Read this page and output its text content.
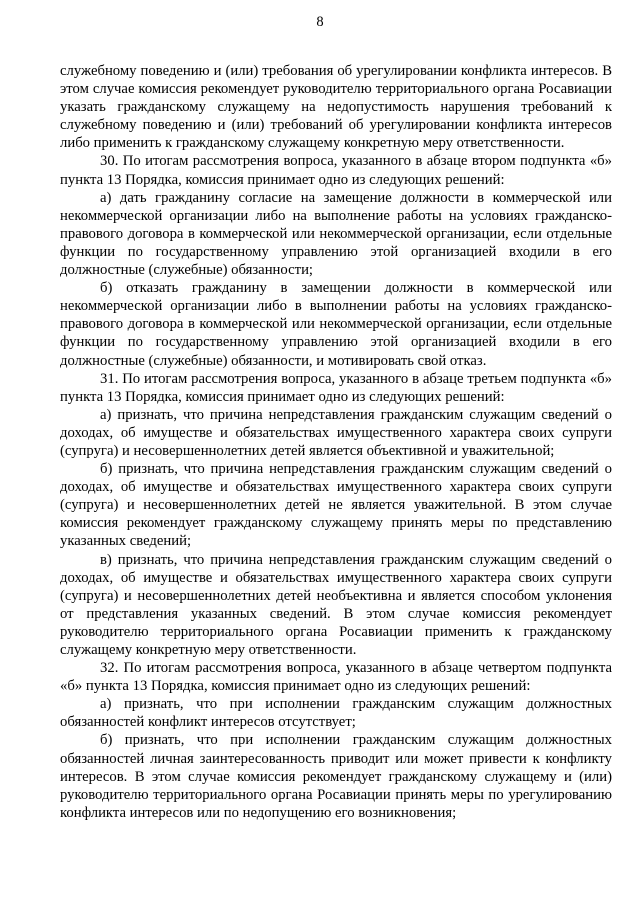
8

служебному поведению и (или) требования об урегулировании конфликта интересов. В этом случае комиссия рекомендует руководителю территориального органа Росавиации указать гражданскому служащему на недопустимость нарушения требований к служебному поведению и (или) требований об урегулировании конфликта интересов либо применить к гражданскому служащему конкретную меру ответственности.

30. По итогам рассмотрения вопроса, указанного в абзаце втором подпункта «б» пункта 13 Порядка, комиссия принимает одно из следующих решений:

а) дать гражданину согласие на замещение должности в коммерческой или некоммерческой организации либо на выполнение работы на условиях гражданско-правового договора в коммерческой или некоммерческой организации, если отдельные функции по государственному управлению этой организацией входили в его должностные (служебные) обязанности;

б) отказать гражданину в замещении должности в коммерческой или некоммерческой организации либо в выполнении работы на условиях гражданско-правового договора в коммерческой или некоммерческой организации, если отдельные функции по государственному управлению этой организацией входили в его должностные (служебные) обязанности, и мотивировать свой отказ.

31. По итогам рассмотрения вопроса, указанного в абзаце третьем подпункта «б» пункта 13 Порядка, комиссия принимает одно из следующих решений:

а) признать, что причина непредставления гражданским служащим сведений о доходах, об имуществе и обязательствах имущественного характера своих супруги (супруга) и несовершеннолетних детей является объективной и уважительной;

б) признать, что причина непредставления гражданским служащим сведений о доходах, об имуществе и обязательствах имущественного характера своих супруги (супруга) и несовершеннолетних детей не является уважительной. В этом случае комиссия рекомендует гражданскому служащему принять меры по представлению указанных сведений;

в) признать, что причина непредставления гражданским служащим сведений о доходах, об имуществе и обязательствах имущественного характера своих супруги (супруга) и несовершеннолетних детей необъективна и является способом уклонения от представления указанных сведений. В этом случае комиссия рекомендует руководителю территориального органа Росавиации применить к гражданскому служащему конкретную меру ответственности.

32. По итогам рассмотрения вопроса, указанного в абзаце четвертом подпункта «б» пункта 13 Порядка, комиссия принимает одно из следующих решений:

а) признать, что при исполнении гражданским служащим должностных обязанностей конфликт интересов отсутствует;

б) признать, что при исполнении гражданским служащим должностных обязанностей личная заинтересованность приводит или может привести к конфликту интересов. В этом случае комиссия рекомендует гражданскому служащему и (или) руководителю территориального органа Росавиации принять меры по урегулированию конфликта интересов или по недопущению его возникновения;
